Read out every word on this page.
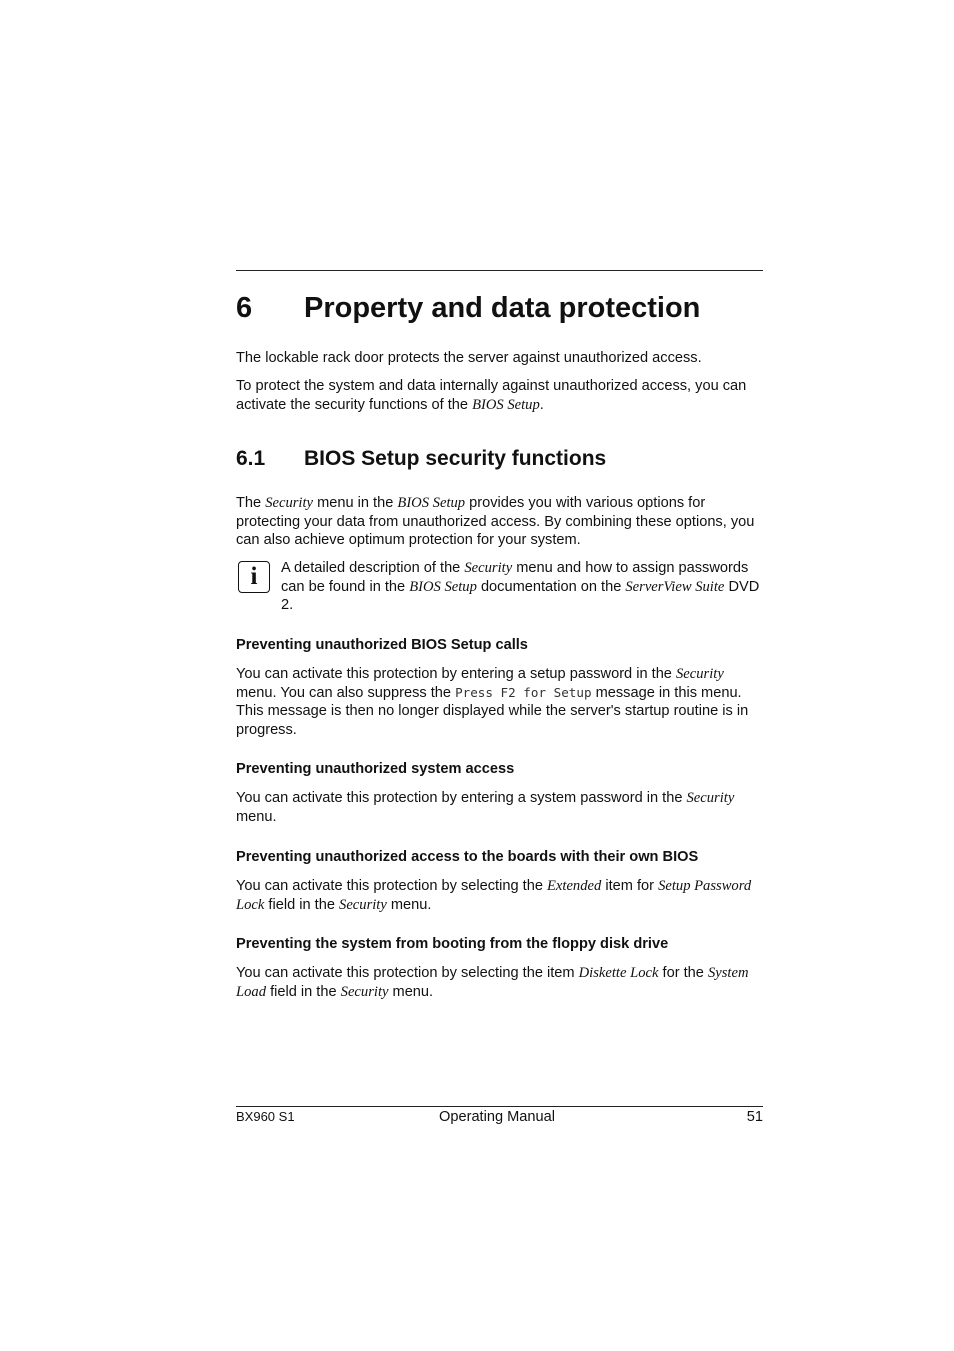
6 Property and data protection
The lockable rack door protects the server against unauthorized access.
To protect the system and data internally against unauthorized access, you can activate the security functions of the BIOS Setup.
6.1 BIOS Setup security functions
The Security menu in the BIOS Setup provides you with various options for protecting your data from unauthorized access. By combining these options, you can also achieve optimum protection for your system.
i	A detailed description of the Security menu and how to assign passwords can be found in the BIOS Setup documentation on the ServerView Suite DVD 2.
Preventing unauthorized BIOS Setup calls
You can activate this protection by entering a setup password in the Security menu. You can also suppress the Press F2 for Setup message in this menu. This message is then no longer displayed while the server's startup routine is in progress.
Preventing unauthorized system access
You can activate this protection by entering a system password in the Security menu.
Preventing unauthorized access to the boards with their own BIOS
You can activate this protection by selecting the Extended item for Setup Password Lock field in the Security menu.
Preventing the system from booting from the floppy disk drive
You can activate this protection by selecting the item Diskette Lock for the System Load field in the Security menu.
BX960 S1	Operating Manual	51
